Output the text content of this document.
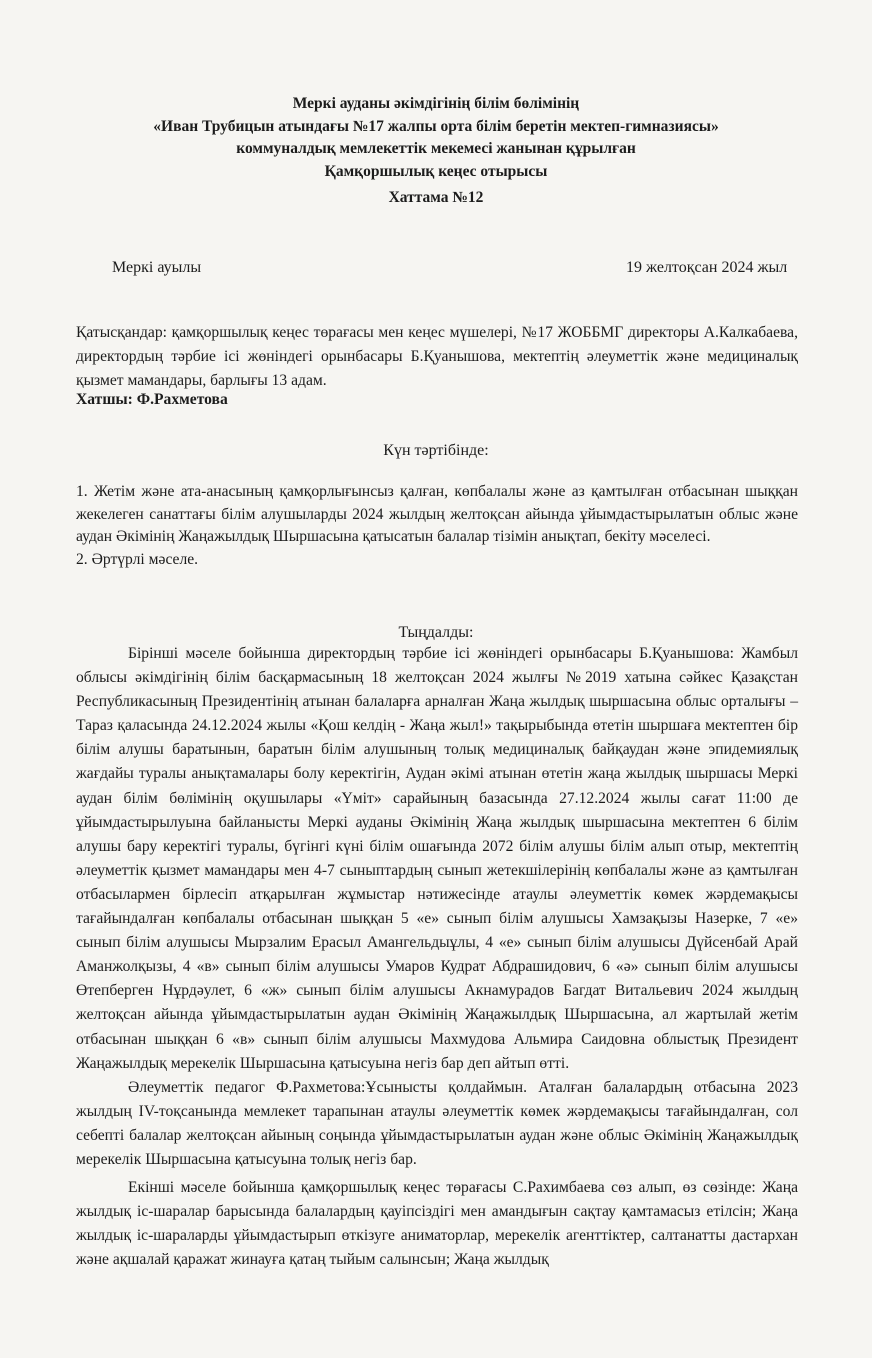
Меркі ауданы әкімдігінің білім бөлімінің
«Иван Трубицын атындағы №17 жалпы орта білім беретін мектеп-гимназиясы»
коммуналдық мемлекеттік мекемесі жанынан құрылған
Қамқоршылық кеңес отырысы
Хаттама №12
Меркі ауылы	19 желтоқсан 2024 жыл
Қатысқандар: қамқоршылық кеңес төрағасы мен кеңес мүшелері, №17 ЖОББМГ директоры А.Калкабаева, директордың тәрбие ісі жөніндегі орынбасары Б.Қуанышова, мектептің әлеуметтік және медициналық қызмет мамандары, барлығы 13 адам.
Хатшы: Ф.Рахметова
Күн тәртібінде:

1. Жетім және ата-анасының қамқорлығынсыз қалған, көпбалалы және аз қамтылған отбасынан шыққан жекелеген санаттағы білім алушыларды 2024 жылдың желтоқсан айында ұйымдастырылатын облыс және аудан Әкімінің Жаңажылдық Шыршасына қатысатын балалар тізімін анықтап, бекіту мәселесі.

2. Әртүрлі мәселе.

Тыңдалды:

Бірінші мәселе бойынша директордың тәрбие ісі жөніндегі орынбасары Б.Қуанышова: Жамбыл облысы әкімдігінің білім басқармасының 18 желтоқсан 2024 жылғы №2019 хатына сәйкес Қазақстан Республикасының Президентінің атынан балаларға арналған Жаңа жылдық шыршасына облыс орталығы –Тараз қаласында 24.12.2024 жылы «Қош келдің - Жаңа жыл!» тақырыбында өтетін шыршаға мектептен бір білім алушы баратынын, баратын білім алушының толық медициналық байқаудан және эпидемиялық жағдайы туралы анықтамалары болу керектігін, Аудан әкімі атынан өтетін жаңа жылдық шыршасы Меркі аудан білім бөлімінің оқушылары «Үміт» сарайының базасында 27.12.2024 жылы сағат 11:00 де ұйымдастырылуына байланысты Меркі ауданы Әкімінің Жаңа жылдық шыршасына мектептен 6 білім алушы бару керектігі туралы, бүгінгі күні білім ошағында 2072 білім алушы білім алып отыр, мектептің әлеуметтік қызмет мамандары мен 4-7 сыныптардың сынып жетекшілерінің көпбалалы және аз қамтылған отбасылармен бірлесіп атқарылған жұмыстар нәтижесінде атаулы әлеуметтік көмек жәрдемақысы тағайындалған көпбалалы отбасынан шыққан 5 «е» сынып білім алушысы Хамзақызы Назерке, 7 «е» сынып білім алушысы Мырзалим Ерасыл Амангельдыұлы, 4 «е» сынып білім алушысы Дүйсенбай Арай Аманжолқызы, 4 «в» сынып білім алушысы Умаров Кудрат Абдрашидович, 6 «ә» сынып білім алушысы Өтепберген Нұрдәулет, 6 «ж» сынып білім алушысы Акнамурадов Багдат Витальевич 2024 жылдың желтоқсан айында ұйымдастырылатын аудан Әкімінің Жаңажылдық Шыршасына, ал жартылай жетім отбасынан шыққан 6 «в» сынып білім алушысы Махмудова Альмира Саидовна облыстық Президент Жаңажылдық мерекелік Шыршасына қатысуына негіз бар деп айтып өтті.

Әлеуметтік педагог Ф.Рахметова:Ұсынысты қолдаймын. Аталған балалардың отбасына 2023 жылдың IV-тоқсанында мемлекет тарапынан атаулы әлеуметтік көмек жәрдемақысы тағайындалған, сол себепті балалар желтоқсан айының соңында ұйымдастырылатын аудан және облыс Әкімінің Жаңажылдық мерекелік Шыршасына қатысуына толық негіз бар.

Екінші мәселе бойынша қамқоршылық кеңес төрағасы С.Рахимбаева сөз алып, өз сөзінде: Жаңа жылдық іс-шаралар барысында балалардың қауіпсіздігі мен амандығын сақтау қамтамасыз етілсін; Жаңа жылдық іс-шараларды ұйымдастырып өткізуге аниматорлар, мерекелік агенттіктер, салтанатты дастархан және ақшалай қаражат жинауға қатаң тыйым салынсын; Жаңа жылдық
